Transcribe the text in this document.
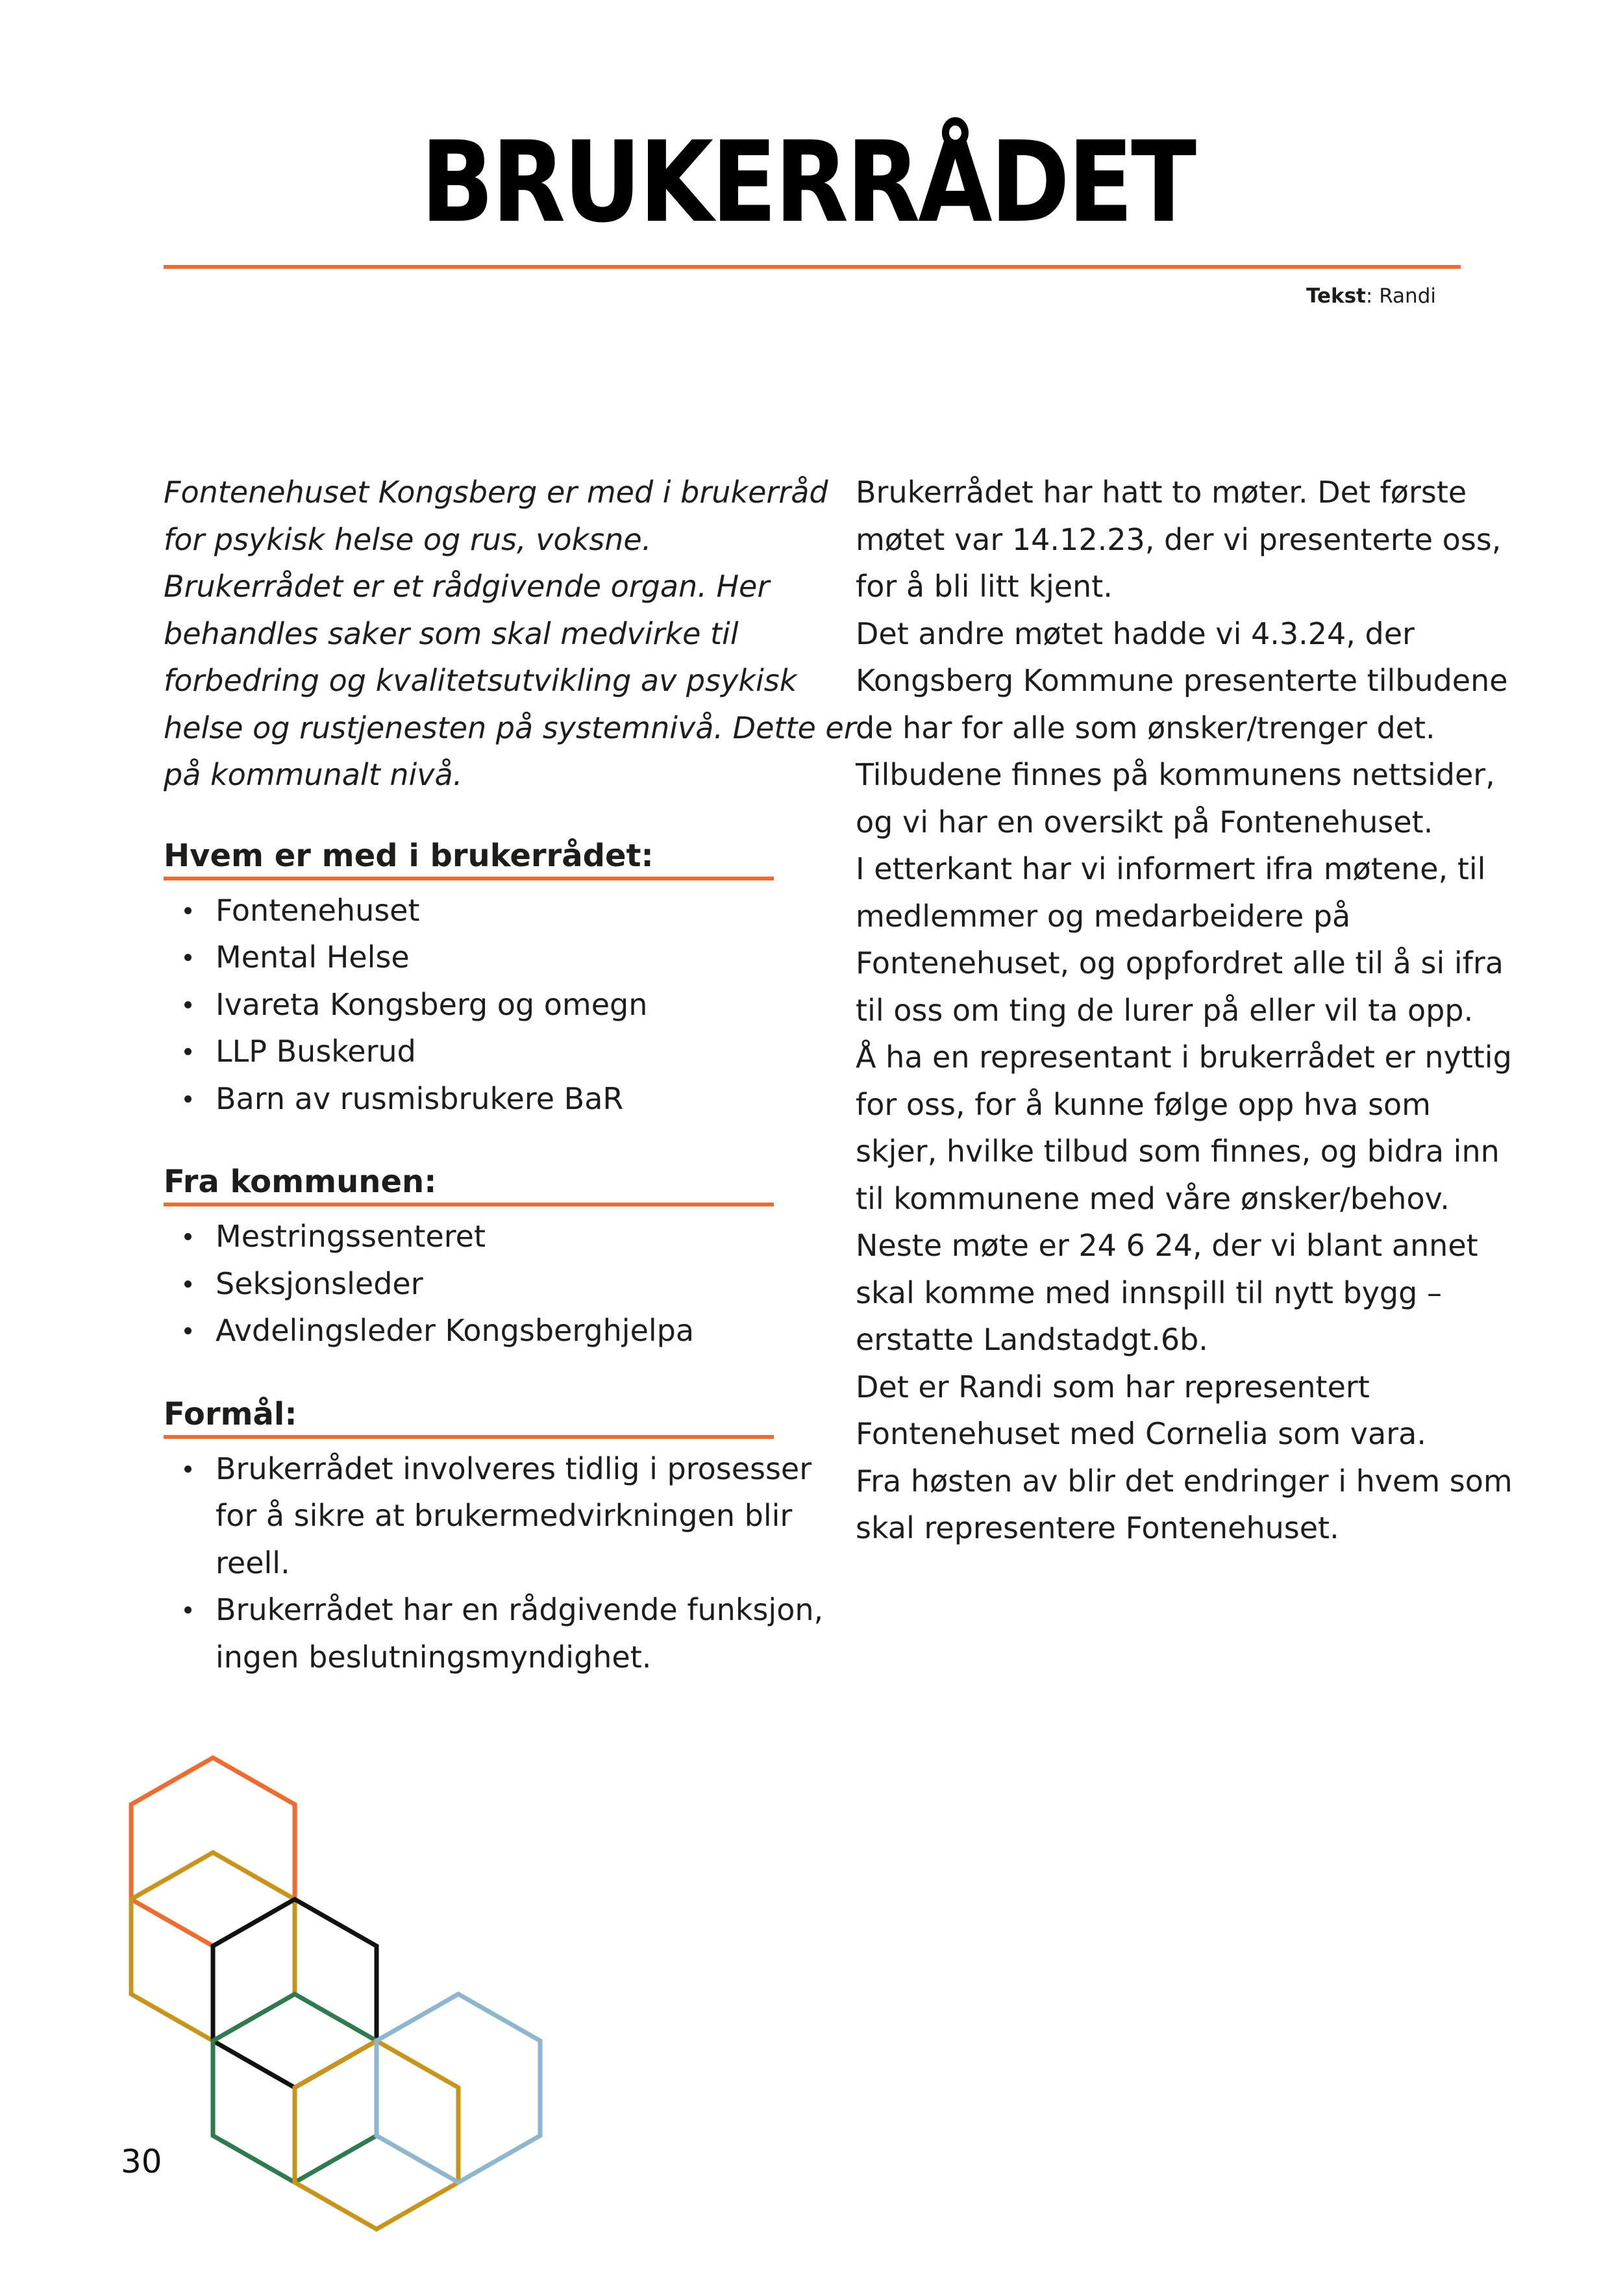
BRUKERRÅDET
Tekst: Randi
Fontenehuset Kongsberg er med i brukerråd
for psykisk helse og rus, voksne.
Brukerrådet er et rådgivende organ. Her
behandles saker som skal medvirke til
forbedring og kvalitetsutvikling av psykisk
helse og rustjenesten på systemnivå. Dette er
på kommunalt nivå.
Hvem er med i brukerrådet:
Fontenehuset
Mental Helse
Ivareta Kongsberg og omegn
LLP Buskerud
Barn av rusmisbrukere BaR
Fra kommunen:
Mestringssenteret
Seksjonsleder
Avdelingsleder Kongsberghjelpa
Formål:
Brukerrådet involveres tidlig i prosesser
for å sikre at brukermedvirkningen blir
reell.
Brukerrådet har en rådgivende funksjon,
ingen beslutningsmyndighet.
Brukerrådet har hatt to møter. Det første
møtet var 14.12.23, der vi presenterte oss,
for å bli litt kjent.
Det andre møtet hadde vi 4.3.24, der
Kongsberg Kommune presenterte tilbudene
de har for alle som ønsker/trenger det.
Tilbudene finnes på kommunens nettsider,
og vi har en oversikt på Fontenehuset.
I etterkant har vi informert ifra møtene, til
medlemmer og medarbeidere på
Fontenehuset, og oppfordret alle til å si ifra
til oss om ting de lurer på eller vil ta opp.
Å ha en representant i brukerrådet er nyttig
for oss, for å kunne følge opp hva som
skjer, hvilke tilbud som finnes, og bidra inn
til kommunene med våre ønsker/behov.
Neste møte er 24 6 24, der vi blant annet
skal komme med innspill til nytt bygg –
erstatte Landstadgt.6b.
Det er Randi som har representert
Fontenehuset med Cornelia som vara.
Fra høsten av blir det endringer i hvem som
skal representere Fontenehuset.
30
